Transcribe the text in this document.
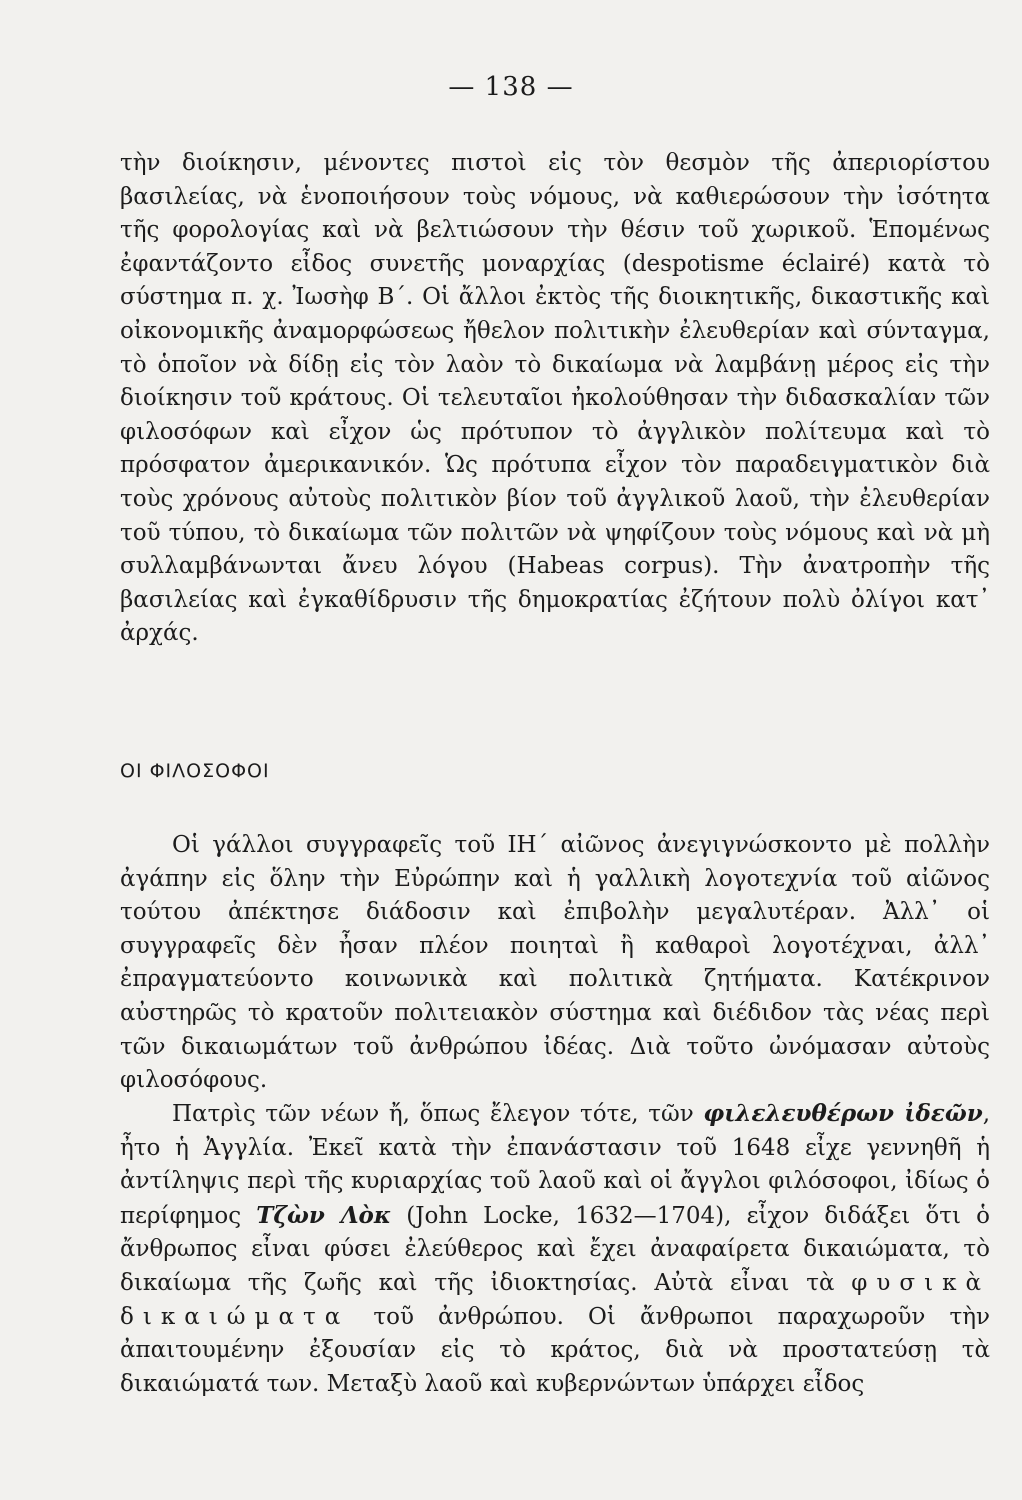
— 138 —

τὴν διοίκησιν, μένοντες πιστοὶ εἰς τὸν θεσμὸν τῆς ἀπεριορίστου βασιλείας, νὰ ἑνοποιήσουν τοὺς νόμους, νὰ καθιερώσουν τὴν ἰσότητα τῆς φορολογίας καὶ νὰ βελτιώσουν τὴν θέσιν τοῦ χωρικοῦ. Ἑπομένως ἐφαντάζοντο εἶδος συνετῆς μοναρχίας (despotisme éclairé) κατὰ τὸ σύστημα π. χ. Ἰωσὴφ Β΄. Οἱ ἄλλοι ἐκτὸς τῆς διοικητικῆς, δικαστικῆς καὶ οἰκονομικῆς ἀναμορφώσεως ἤθελον πολιτικὴν ἐλευθερίαν καὶ σύνταγμα, τὸ ὁποῖον νὰ δίδῃ εἰς τὸν λαὸν τὸ δικαίωμα νὰ λαμβάνῃ μέρος εἰς τὴν διοίκησιν τοῦ κράτους. Οἱ τελευταῖοι ἠκολούθησαν τὴν διδασκαλίαν τῶν φιλοσόφων καὶ εἶχον ὡς πρότυπον τὸ ἀγγλικὸν πολίτευμα καὶ τὸ πρόσφατον ἀμερικανικόν. Ὡς πρότυπα εἶχον τὸν παραδειγματικὸν διὰ τοὺς χρόνους αὐτοὺς πολιτικὸν βίον τοῦ ἀγγλικοῦ λαοῦ, τὴν ἐλευθερίαν τοῦ τύπου, τὸ δικαίωμα τῶν πολιτῶν νὰ ψηφίζουν τοὺς νόμους καὶ νὰ μὴ συλλαμβάνωνται ἄνευ λόγου (Habeas corpus). Τὴν ἀνατροπὴν τῆς βασιλείας καὶ ἐγκαθίδρυσιν τῆς δημοκρατίας ἐζήτουν πολὺ ὀλίγοι κατ᾽ ἀρχάς.

ΟΙ ΦΙΛΟΣΟΦΟΙ

Οἱ γάλλοι συγγραφεῖς τοῦ ΙΗ΄ αἰῶνος ἀνεγιγνώσκοντο μὲ πολλὴν ἀγάπην εἰς ὅλην τὴν Εὐρώπην καὶ ἡ γαλλικὴ λογοτεχνία τοῦ αἰῶνος τούτου ἀπέκτησε διάδοσιν καὶ ἐπιβολὴν μεγαλυτέραν. Ἀλλ᾽ οἱ συγγραφεῖς δὲν ἦσαν πλέον ποιηταὶ ἢ καθαροὶ λογοτέχναι, ἀλλ᾽ ἐπραγματεύοντο κοινωνικὰ καὶ πολιτικὰ ζητήματα. Κατέκρινον αὐστηρῶς τὸ κρατοῦν πολιτειακὸν σύστημα καὶ διέδιδον τὰς νέας περὶ τῶν δικαιωμάτων τοῦ ἀνθρώπου ἰδέας. Διὰ τοῦτο ὠνόμασαν αὐτοὺς φιλοσόφους.

Πατρὶς τῶν νέων ἤ, ὅπως ἔλεγον τότε, τῶν φιλελευθέρων ἰδεῶν, ἦτο ἡ Ἀγγλία. Ἐκεῖ κατὰ τὴν ἐπανάστασιν τοῦ 1648 εἶχε γεννηθῆ ἡ ἀντίληψις περὶ τῆς κυριαρχίας τοῦ λαοῦ καὶ οἱ ἄγγλοι φιλόσοφοι, ἰδίως ὁ περίφημος Τζὼν Λὸκ (John Locke, 1632—1704), εἶχον διδάξει ὅτι ὁ ἄνθρωπος εἶναι φύσει ἐλεύθερος καὶ ἔχει ἀναφαίρετα δικαιώματα, τὸ δικαίωμα τῆς ζωῆς καὶ τῆς ἰδιοκτησίας. Αὐτὰ εἶναι τὰ φυσικὰ δικαιώματα τοῦ ἀνθρώπου. Οἱ ἄνθρωποι παραχωροῦν τὴν ἀπαιτουμένην ἐξουσίαν εἰς τὸ κράτος, διὰ νὰ προστατεύσῃ τὰ δικαιώματά των. Μεταξὺ λαοῦ καὶ κυβερνώντων ὑπάρχει εἶδος
